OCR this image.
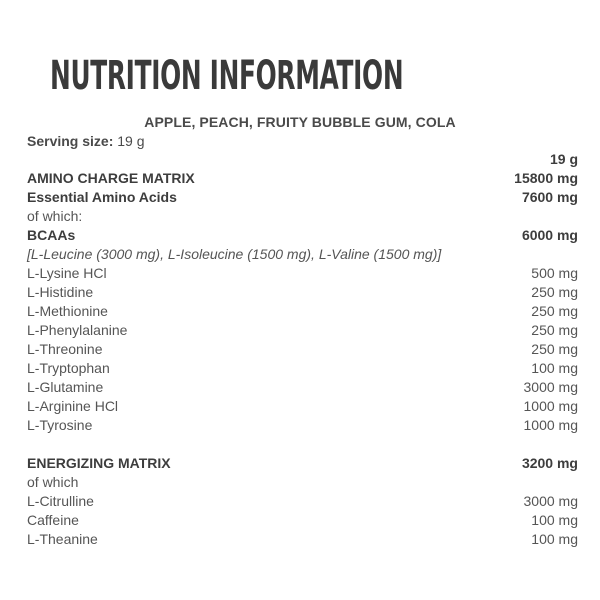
NUTRITION INFORMATION
APPLE, PEACH, FRUITY BUBBLE GUM, COLA
Serving size: 19 g
19 g
AMINO CHARGE MATRIX	15800 mg
Essential Amino Acids	7600 mg
of which:
BCAAs	6000 mg
[L-Leucine (3000 mg), L-Isoleucine (1500 mg), L-Valine (1500 mg)]
L-Lysine HCl	500 mg
L-Histidine	250 mg
L-Methionine	250 mg
L-Phenylalanine	250 mg
L-Threonine	250 mg
L-Tryptophan	100 mg
L-Glutamine	3000 mg
L-Arginine HCl	1000 mg
L-Tyrosine	1000 mg
ENERGIZING MATRIX	3200 mg
of which
L-Citrulline	3000 mg
Caffeine	100 mg
L-Theanine	100 mg
